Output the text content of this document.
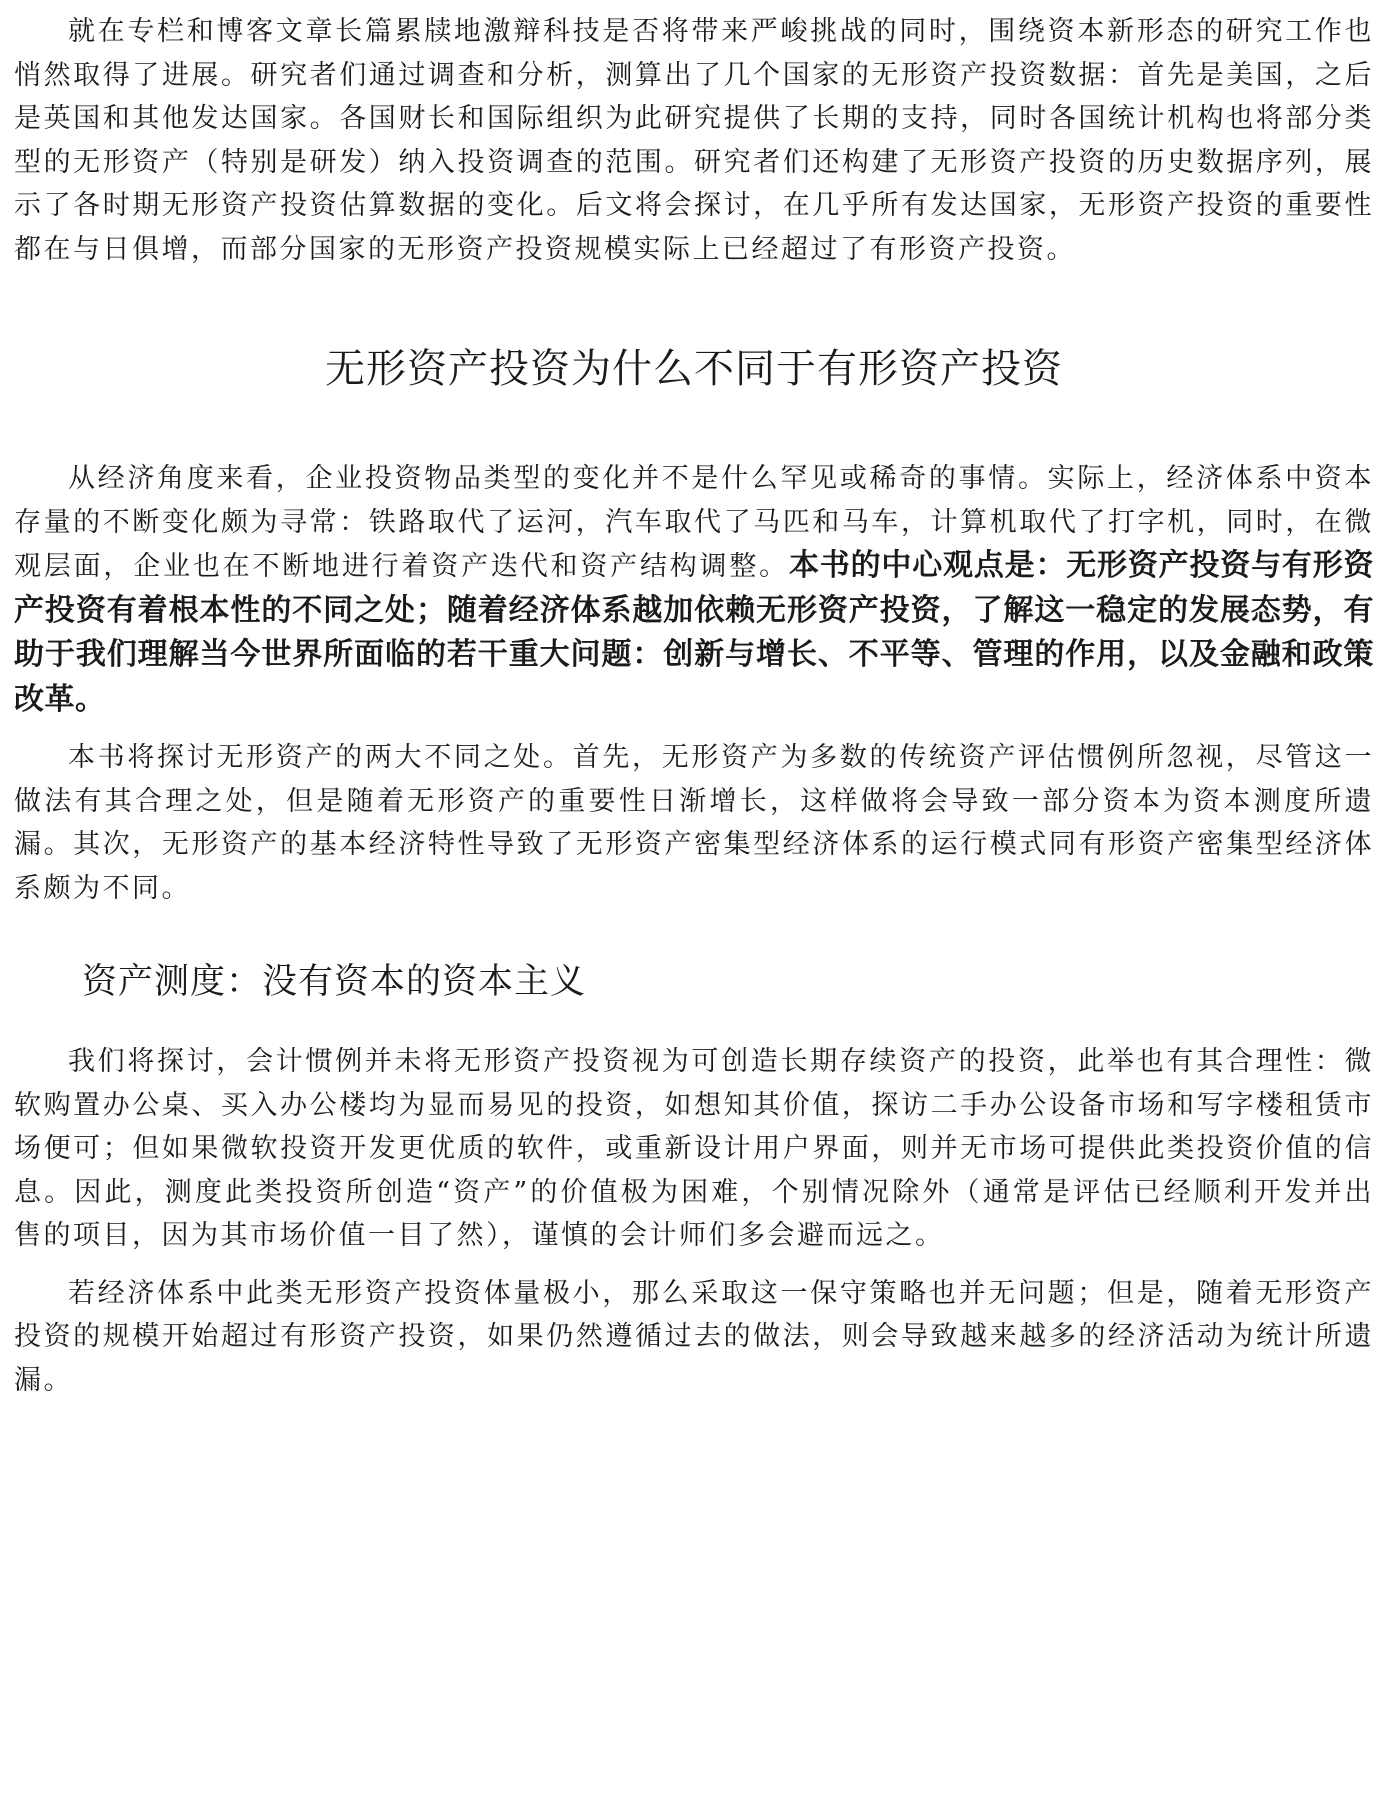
就在专栏和博客文章长篇累牍地激辩科技是否将带来严峻挑战的同时，围绕资本新形态的研究工作也悄然取得了进展。研究者们通过调查和分析，测算出了几个国家的无形资产投资数据：首先是美国，之后是英国和其他发达国家。各国财长和国际组织为此研究提供了长期的支持，同时各国统计机构也将部分类型的无形资产（特别是研发）纳入投资调查的范围。研究者们还构建了无形资产投资的历史数据序列，展示了各时期无形资产投资估算数据的变化。后文将会探讨，在几乎所有发达国家，无形资产投资的重要性都在与日俱增，而部分国家的无形资产投资规模实际上已经超过了有形资产投资。

无形资产投资为什么不同于有形资产投资

从经济角度来看，企业投资物品类型的变化并不是什么罕见或稀奇的事情。实际上，经济体系中资本存量的不断变化颇为寻常：铁路取代了运河，汽车取代了马匹和马车，计算机取代了打字机，同时，在微观层面，企业也在不断地进行着资产迭代和资产结构调整。本书的中心观点是：无形资产投资与有形资产投资有着根本性的不同之处；随着经济体系越加依赖无形资产投资，了解这一稳定的发展态势，有助于我们理解当今世界所面临的若干重大问题：创新与增长、不平等、管理的作用，以及金融和政策改革。

本书将探讨无形资产的两大不同之处。首先，无形资产为多数的传统资产评估惯例所忽视，尽管这一做法有其合理之处，但是随着无形资产的重要性日渐增长，这样做将会导致一部分资本为资本测度所遗漏。其次，无形资产的基本经济特性导致了无形资产密集型经济体系的运行模式同有形资产密集型经济体系颇为不同。

资产测度：没有资本的资本主义

我们将探讨，会计惯例并未将无形资产投资视为可创造长期存续资产的投资，此举也有其合理性：微软购置办公桌、买入办公楼均为显而易见的投资，如想知其价值，探访二手办公设备市场和写字楼租赁市场便可；但如果微软投资开发更优质的软件，或重新设计用户界面，则并无市场可提供此类投资价值的信息。因此，测度此类投资所创造“资产”的价值极为困难，个别情况除外（通常是评估已经顺利开发并出售的项目，因为其市场价值一目了然），谨慎的会计师们多会避而远之。

若经济体系中此类无形资产投资体量极小，那么采取这一保守策略也并无问题；但是，随着无形资产投资的规模开始超过有形资产投资，如果仍然遵循过去的做法，则会导致越来越多的经济活动为统计所遗漏。
